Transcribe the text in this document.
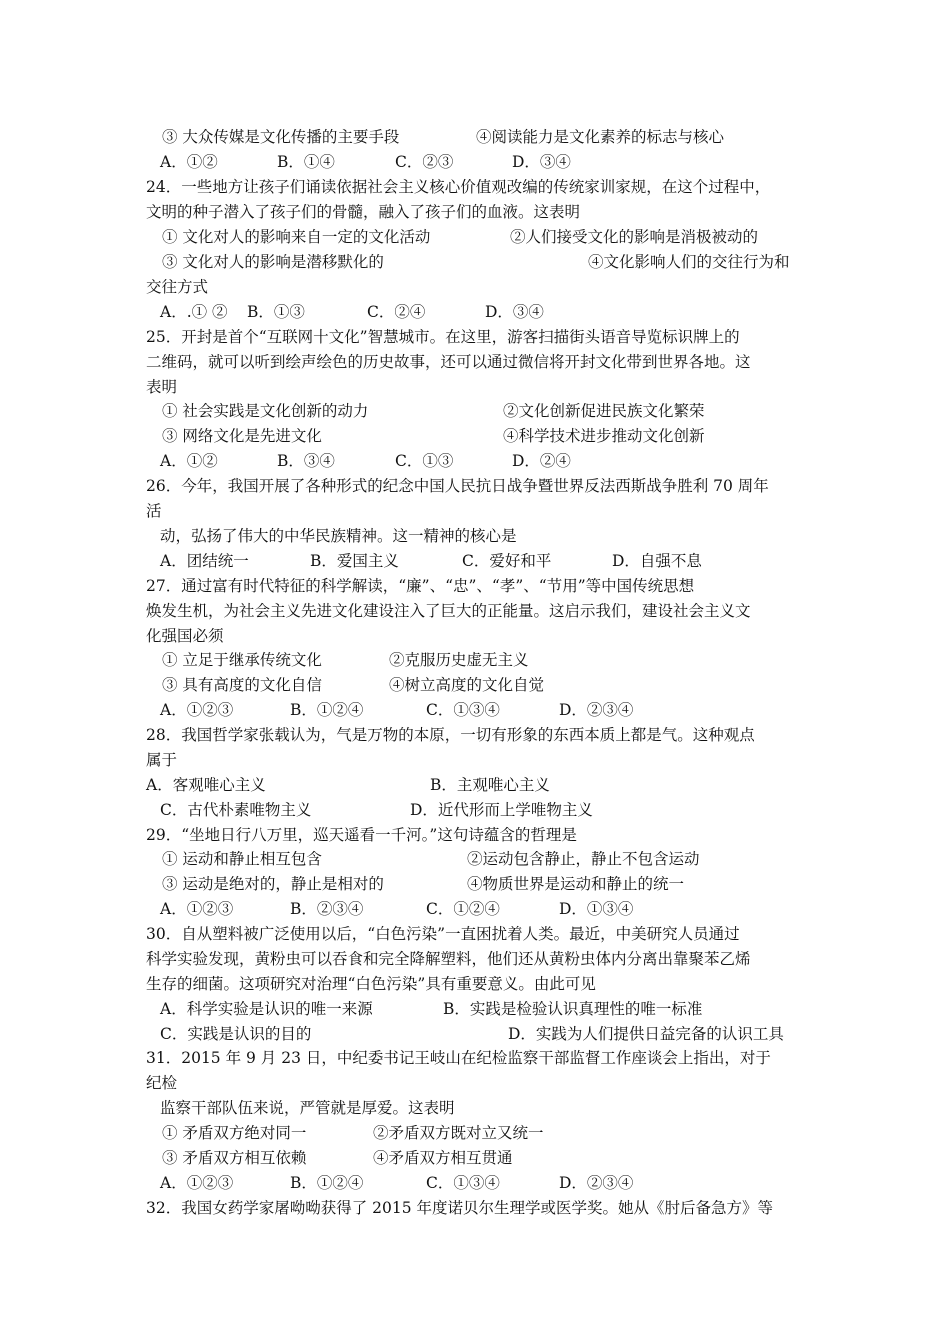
③ 大众传媒是文化传播的主要手段	④阅读能力是文化素养的标志与核心
A．①②	B．①④	C．②③	D．③④
24．一些地方让孩子们诵读依据社会主义核心价值观改编的传统家训家规，在这个过程中，
文明的种子潜入了孩子们的骨髓，融入了孩子们的血液。这表明
① 文化对人的影响来自一定的文化活动	②人们接受文化的影响是消极被动的
③ 文化对人的影响是潜移默化的	④文化影响人们的交往行为和
交往方式
A．.① ② B．①③	C．②④	D．③④
25．开封是首个“互联网十文化”智慧城市。在这里，游客扫描街头语音导览标识牌上的
二维码，就可以听到绘声绘色的历史故事，还可以通过微信将开封文化带到世界各地。这
表明
① 社会实践是文化创新的动力	②文化创新促进民族文化繁荣
③ 网络文化是先进文化	④科学技术进步推动文化创新
A．①②	B．③④	C．①③	D．②④
26．今年，我国开展了各种形式的纪念中国人民抗日战争暨世界反法西斯战争胜利 70 周年
活
动，弘扬了伟大的中华民族精神。这一精神的核心是
A．团结统一	B．爱国主义	C．爱好和平	D．自强不息
27．通过富有时代特征的科学解读，“廉”、“忠”、“孝”、“节用”等中国传统思想
焕发生机，为社会主义先进文化建设注入了巨大的正能量。这启示我们，建设社会主义文
化强国必须
① 立足于继承传统文化	②克服历史虚无主义
③ 具有高度的文化自信	④树立高度的文化自觉
A．①②③	B．①②④	C．①③④	D．②③④
28．我国哲学家张载认为，气是万物的本原，一切有形象的东西本质上都是气。这种观点
属于
A．客观唯心主义	B．主观唯心主义
C．古代朴素唯物主义	D．近代形而上学唯物主义
29．“坐地日行八万里，巡天遥看一千河。”这句诗蕴含的哲理是
① 运动和静止相互包含	②运动包含静止，静止不包含运动
③ 运动是绝对的，静止是相对的	④物质世界是运动和静止的统一
A．①②③	B．②③④	C．①②④	D．①③④
30．自从塑料被广泛使用以后，“白色污染”一直困扰着人类。最近，中美研究人员通过
科学实验发现，黄粉虫可以吞食和完全降解塑料，他们还从黄粉虫体内分离出靠聚苯乙烯
生存的细菌。这项研究对治理“白色污染”具有重要意义。由此可见
A．科学实验是认识的唯一来源	B．实践是检验认识真理性的唯一标准
C．实践是认识的目的	D．实践为人们提供日益完备的认识工具
31．2015 年 9 月 23 日，中纪委书记王岐山在纪检监察干部监督工作座谈会上指出，对于
纪检
监察干部队伍来说，严管就是厚爱。这表明
① 矛盾双方绝对同一	②矛盾双方既对立又统一
③ 矛盾双方相互依赖	④矛盾双方相互贯通
A．①②③	B．①②④	C．①③④	D．②③④
32．我国女药学家屠呦呦获得了 2015 年度诺贝尔生理学或医学奖。她从《肘后备急方》等
